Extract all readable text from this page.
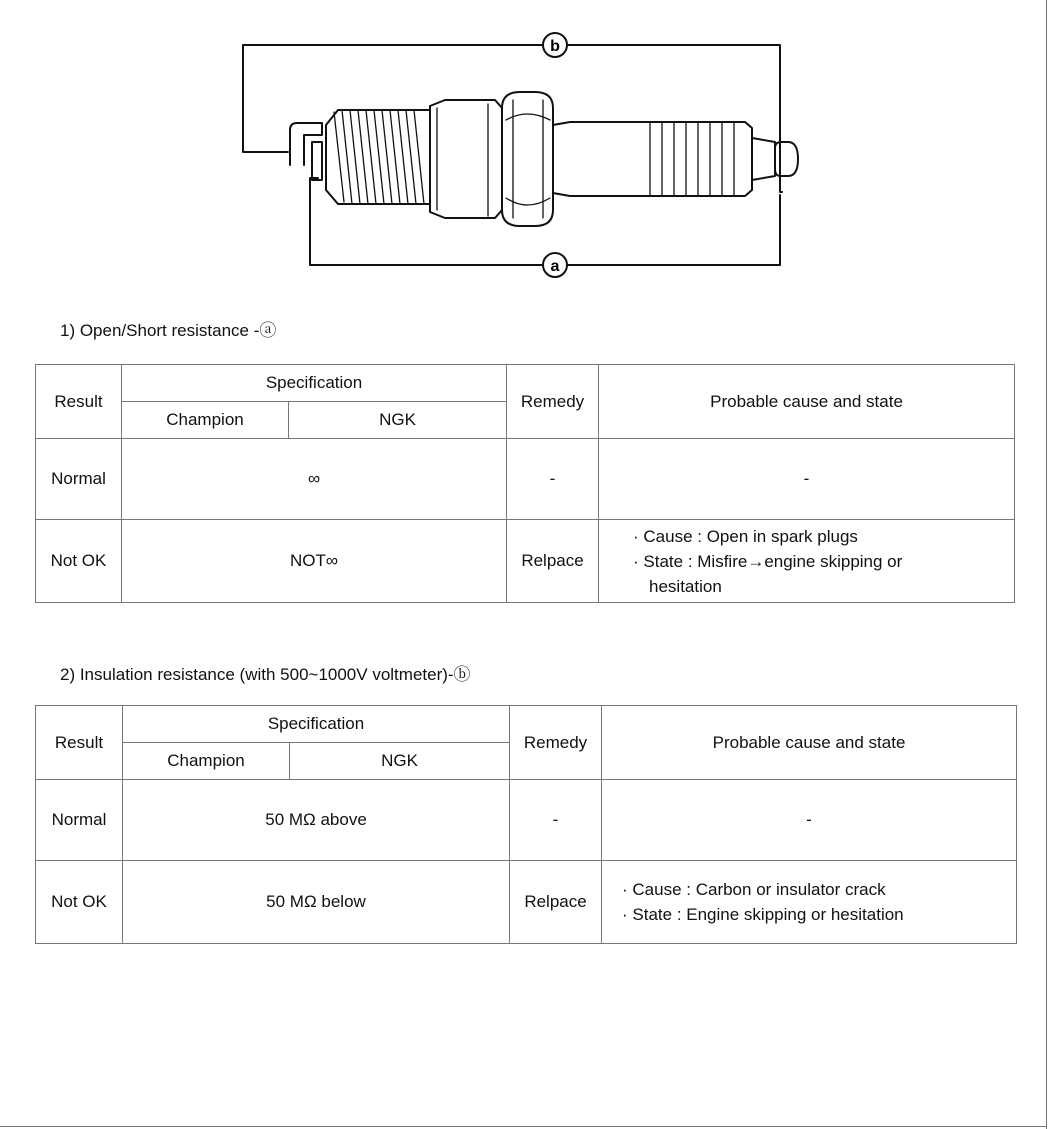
b
a
1) Open/Short resistance -ⓐ
Result	Specification		Remedy	Probable cause and state
	Champion	NGK		
Normal	∞		-	-
Not OK	NOT∞		Relpace	· Cause : Open in spark plugs
· State : Misfire→engine skipping or
hesitation
2) Insulation resistance (with 500~1000V voltmeter)-ⓑ
Result	Specification		Remedy	Probable cause and state
	Champion	NGK		
Normal	50 MΩ above		-	-
Not OK	50 MΩ below		Relpace	· Cause : Carbon or insulator crack
· State : Engine skipping or hesitation
